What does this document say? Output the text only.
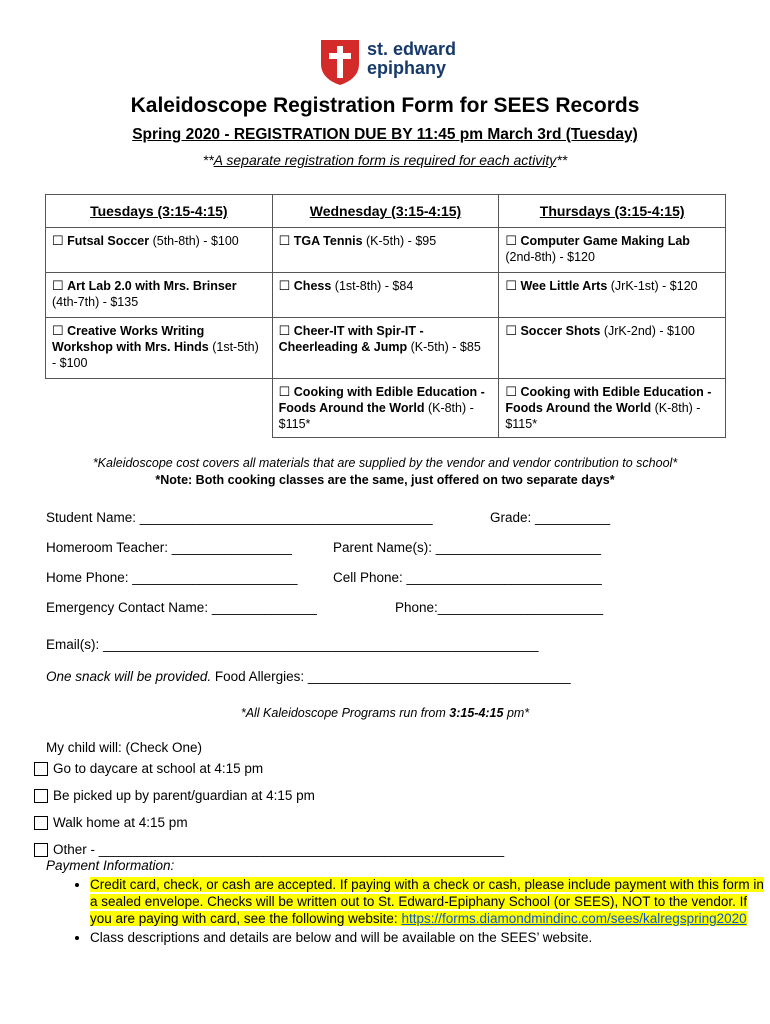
st. edward
epiphany
Kaleidoscope Registration Form for SEES Records
Spring 2020 - REGISTRATION DUE BY 11:45 pm March 3rd (Tuesday)
**A separate registration form is required for each activity**
Tuesdays (3:15-4:15)	Wednesday (3:15-4:15)	Thursdays (3:15-4:15)
☐ Futsal Soccer (5th-8th) - $100	☐ TGA Tennis (K-5th) - $95	☐ Computer Game Making Lab (2nd-8th) - $120
☐ Art Lab 2.0 with Mrs. Brinser (4th-7th) - $135	☐ Chess (1st-8th) - $84	☐ Wee Little Arts (JrK-1st) - $120
☐ Creative Works Writing Workshop with Mrs. Hinds (1st-5th) - $100	☐ Cheer-IT with Spir-IT - Cheerleading & Jump (K-5th) - $85	☐ Soccer Shots (JrK-2nd) - $100
	☐ Cooking with Edible Education - Foods Around the World (K-8th) - $115*	☐ Cooking with Edible Education - Foods Around the World (K-8th) - $115*
*Kaleidoscope cost covers all materials that are supplied by the vendor and vendor contribution to school*
*Note: Both cooking classes are the same, just offered on two separate days*
Student Name: _______________________________________	Grade: __________
Homeroom Teacher: ________________	Parent Name(s): ______________________
Home Phone: ______________________	Cell Phone: __________________________
Emergency Contact Name: ______________	Phone:______________________
Email(s): __________________________________________________________
One snack will be provided. Food Allergies: ___________________________________
*All Kaleidoscope Programs run from 3:15-4:15 pm*
My child will: (Check One)
Go to daycare at school at 4:15 pm
Be picked up by parent/guardian at 4:15 pm
Walk home at 4:15 pm
Other - ______________________________________________________
Payment Information:
• Credit card, check, or cash are accepted. If paying with a check or cash, please include payment with this form in a sealed envelope. Checks will be written out to St. Edward-Epiphany School (or SEES), NOT to the vendor. If you are paying with card, see the following website: https://forms.diamondmindinc.com/sees/kalregspring2020
• Class descriptions and details are below and will be available on the SEES’ website.
